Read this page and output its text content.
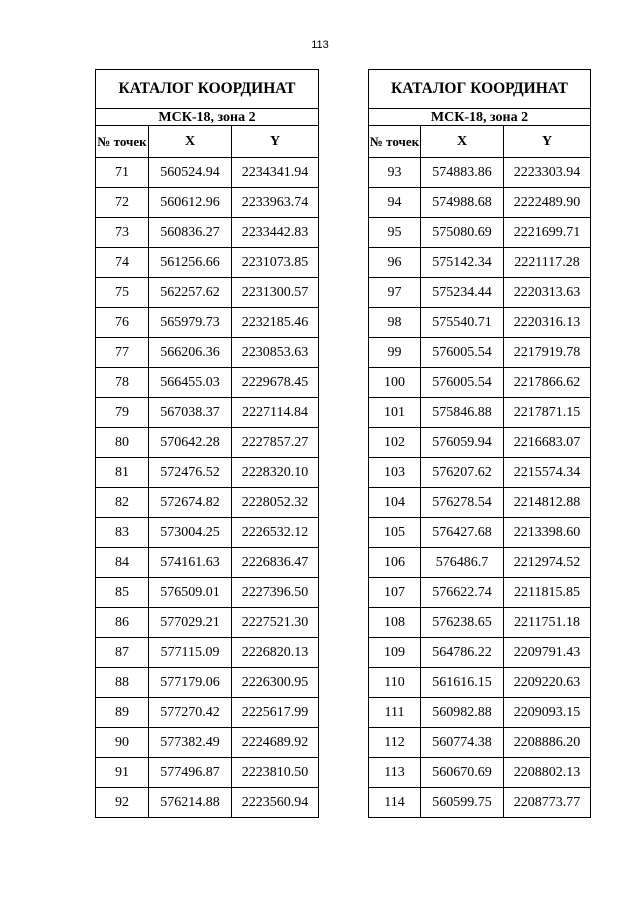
113
КАТАЛОГ КООРДИНАТ		
МСК-18, зона 2		
№ точек	X	Y
71	560524.94	2234341.94
72	560612.96	2233963.74
73	560836.27	2233442.83
74	561256.66	2231073.85
75	562257.62	2231300.57
76	565979.73	2232185.46
77	566206.36	2230853.63
78	566455.03	2229678.45
79	567038.37	2227114.84
80	570642.28	2227857.27
81	572476.52	2228320.10
82	572674.82	2228052.32
83	573004.25	2226532.12
84	574161.63	2226836.47
85	576509.01	2227396.50
86	577029.21	2227521.30
87	577115.09	2226820.13
88	577179.06	2226300.95
89	577270.42	2225617.99
90	577382.49	2224689.92
91	577496.87	2223810.50
92	576214.88	2223560.94
КАТАЛОГ КООРДИНАТ		
МСК-18, зона 2		
№ точек	X	Y
93	574883.86	2223303.94
94	574988.68	2222489.90
95	575080.69	2221699.71
96	575142.34	2221117.28
97	575234.44	2220313.63
98	575540.71	2220316.13
99	576005.54	2217919.78
100	576005.54	2217866.62
101	575846.88	2217871.15
102	576059.94	2216683.07
103	576207.62	2215574.34
104	576278.54	2214812.88
105	576427.68	2213398.60
106	576486.7	2212974.52
107	576622.74	2211815.85
108	576238.65	2211751.18
109	564786.22	2209791.43
110	561616.15	2209220.63
111	560982.88	2209093.15
112	560774.38	2208886.20
113	560670.69	2208802.13
114	560599.75	2208773.77
